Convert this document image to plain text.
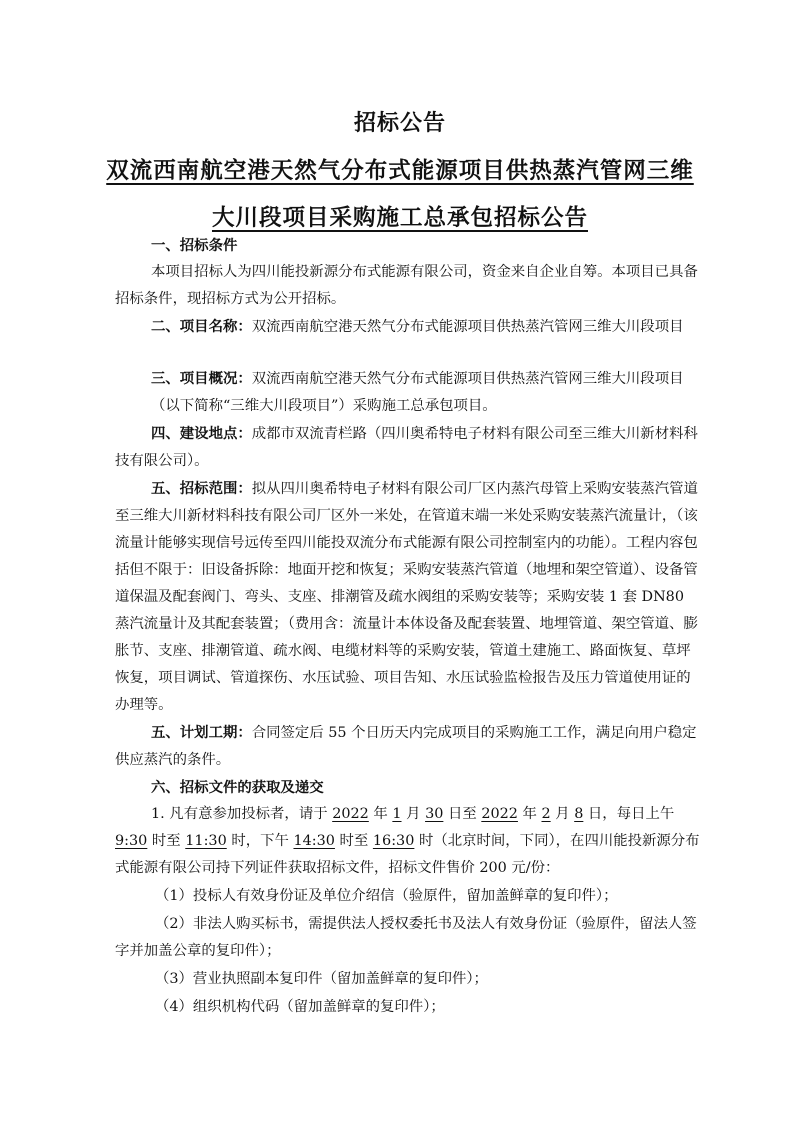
招标公告
双流西南航空港天然气分布式能源项目供热蒸汽管网三维
大川段项目采购施工总承包招标公告

一、招标条件

本项目招标人为四川能投新源分布式能源有限公司，资金来自企业自筹。本项目已具备招标条件，现招标方式为公开招标。

二、项目名称：双流西南航空港天然气分布式能源项目供热蒸汽管网三维大川段项目

三、项目概况：双流西南航空港天然气分布式能源项目供热蒸汽管网三维大川段项目（以下简称“三维大川段项目”）采购施工总承包项目。

四、建设地点：成都市双流青栏路（四川奥希特电子材料有限公司至三维大川新材料科技有限公司）。

五、招标范围：拟从四川奥希特电子材料有限公司厂区内蒸汽母管上采购安装蒸汽管道至三维大川新材料科技有限公司厂区外一米处，在管道末端一米处采购安装蒸汽流量计，（该流量计能够实现信号远传至四川能投双流分布式能源有限公司控制室内的功能）。工程内容包括但不限于：旧设备拆除：地面开挖和恢复；采购安装蒸汽管道（地埋和架空管道）、设备管道保温及配套阀门、弯头、支座、排潮管及疏水阀组的采购安装等；采购安装 1 套 DN80 蒸汽流量计及其配套装置；（费用含：流量计本体设备及配套装置、地埋管道、架空管道、膨胀节、支座、排潮管道、疏水阀、电缆材料等的采购安装，管道土建施工、路面恢复、草坪恢复，项目调试、管道探伤、水压试验、项目告知、水压试验监检报告及压力管道使用证的办理等。

五、计划工期：合同签定后 55 个日历天内完成项目的采购施工工作，满足向用户稳定供应蒸汽的条件。

六、招标文件的获取及递交

1. 凡有意参加投标者，请于 2022 年 1 月 30 日至 2022 年 2 月 8 日，每日上午 9:30 时至 11:30 时，下午 14:30 时至 16:30 时（北京时间，下同），在四川能投新源分布式能源有限公司持下列证件获取招标文件，招标文件售价 200 元/份：

（1）投标人有效身份证及单位介绍信（验原件，留加盖鲜章的复印件）；

（2）非法人购买标书，需提供法人授权委托书及法人有效身份证（验原件，留法人签字并加盖公章的复印件）；

（3）营业执照副本复印件（留加盖鲜章的复印件）；

（4）组织机构代码（留加盖鲜章的复印件）；
